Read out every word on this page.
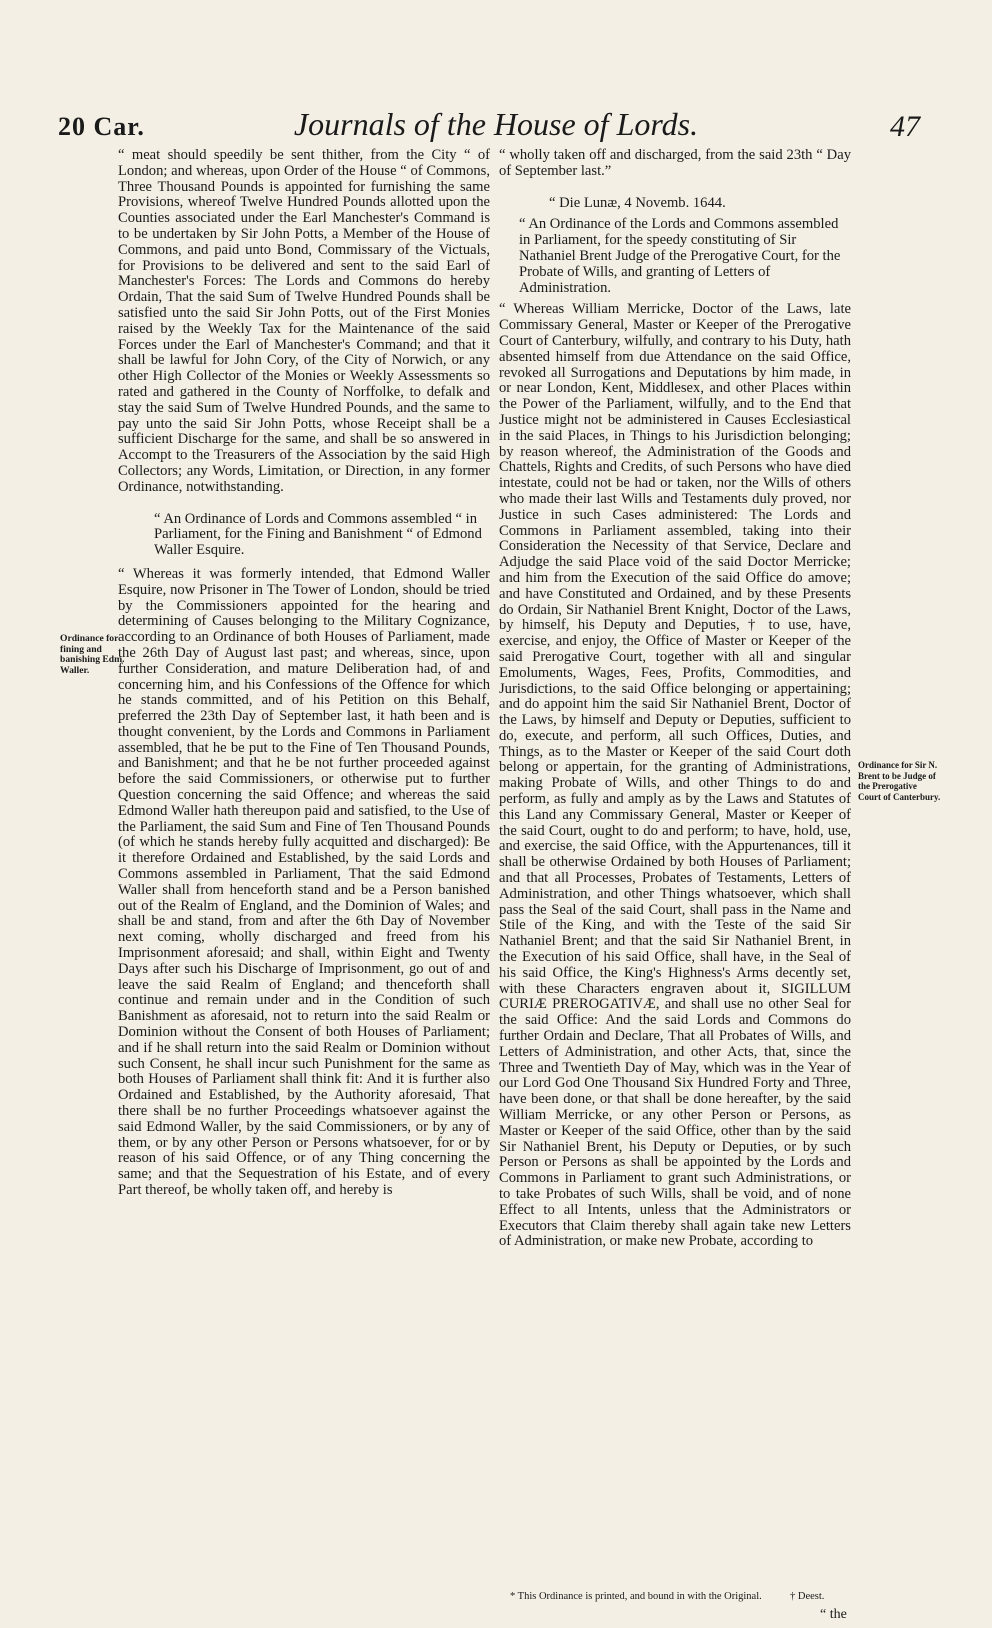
20 Car.	Journals of the House of Lords.	47

“ meat should speedily be sent thither, from the City “ of London; and whereas, upon Order of the House “ of Commons, Three Thousand Pounds is appointed for furnishing the same Provisions, whereof Twelve Hundred Pounds allotted upon the Counties associated under the Earl Manchester's Command is to be undertaken by Sir John Potts, a Member of the House of Commons, and paid unto Bond, Commissary of the Victuals, for Provisions to be delivered and sent to the said Earl of Manchester's Forces: The Lords and Commons do hereby Ordain, That the said Sum of Twelve Hundred Pounds shall be satisfied unto the said Sir John Potts, out of the First Monies raised by the Weekly Tax for the Maintenance of the said Forces under the Earl of Manchester's Command; and that it shall be lawful for John Cory, of the City of Norwich, or any other High Collector of the Monies or Weekly Assessments so rated and gathered in the County of Norffolke, to defalk and stay the said Sum of Twelve Hundred Pounds, and the same to pay unto the said Sir John Potts, whose Receipt shall be a sufficient Discharge for the same, and shall be so answered in Accompt to the Treasurers of the Association by the said High Collectors; any Words, Limitation, or Direction, in any former Ordinance, notwithstanding.

“ An Ordinance of Lords and Commons assembled “ in Parliament, for the Fining and Banishment “ of Edmond Waller Esquire.

“ Whereas it was formerly intended, that Edmond Waller Esquire, now Prisoner in The Tower of London, should be tried by the Commissioners appointed for the hearing and determining of Causes belonging to the Military Cognizance, according to an Ordinance of both Houses of Parliament, made the 26th Day of August last past; and whereas, since, upon further Consideration, and mature Deliberation had, of and concerning him, and his Confessions of the Offence for which he stands committed, and of his Petition on this Behalf, preferred the 23th Day of September last, it hath been and is thought convenient, by the Lords and Commons in Parliament assembled, that he be put to the Fine of Ten Thousand Pounds, and Banishment; and that he be not further proceeded against before the said Commissioners, or otherwise put to further Question concerning the said Offence; and whereas the said Edmond Waller hath thereupon paid and satisfied, to the Use of the Parliament, the said Sum and Fine of Ten Thousand Pounds (of which he stands hereby fully acquitted and discharged): Be it therefore Ordained and Established, by the said Lords and Commons assembled in Parliament, That the said Edmond Waller shall from henceforth stand and be a Person banished out of the Realm of England, and the Dominion of Wales; and shall be and stand, from and after the 6th Day of November next coming, wholly discharged and freed from his Imprisonment aforesaid; and shall, within Eight and Twenty Days after such his Discharge of Imprisonment, go out of and leave the said Realm of England; and thenceforth shall continue and remain under and in the Condition of such Banishment as aforesaid, not to return into the said Realm or Dominion without the Consent of both Houses of Parliament; and if he shall return into the said Realm or Dominion without such Consent, he shall incur such Punishment for the same as both Houses of Parliament shall think fit: And it is further also Ordained and Established, by the Authority aforesaid, That there shall be no further Proceedings whatsoever against the said Edmond Waller, by the said Commissioners, or by any of them, or by any other Person or Persons whatsoever, for or by reason of his said Offence, or of any Thing concerning the same; and that the Sequestration of his Estate, and of every Part thereof, be wholly taken off, and hereby is

Ordinance for fining and banishing Edm. Waller.

“ wholly taken off and discharged, from the said 23th “ Day of September last.”

“ Die Lunæ, 4 Novemb. 1644.

“ An Ordinance of the Lords and Commons assembled in Parliament, for the speedy constituting of Sir Nathaniel Brent Judge of the Prerogative Court, for the Probate of Wills, and granting of Letters of Administration.

“ Whereas William Merricke, Doctor of the Laws, late Commissary General, Master or Keeper of the Prerogative Court of Canterbury, wilfully, and contrary to his Duty, hath absented himself from due Attendance on the said Office, revoked all Surrogations and Deputations by him made, in or near London, Kent, Middlesex, and other Places within the Power of the Parliament, wilfully, and to the End that Justice might not be administered in Causes Ecclesiastical in the said Places, in Things to his Jurisdiction belonging; by reason whereof, the Administration of the Goods and Chattels, Rights and Credits, of such Persons who have died intestate, could not be had or taken, nor the Wills of others who made their last Wills and Testaments duly proved, nor Justice in such Cases administered: The Lords and Commons in Parliament assembled, taking into their Consideration the Necessity of that Service, Declare and Adjudge the said Place void of the said Doctor Merricke; and him from the Execution of the said Office do amove; and have Constituted and Ordained, and by these Presents do Ordain, Sir Nathaniel Brent Knight, Doctor of the Laws, by himself, his Deputy and Deputies, † to use, have, exercise, and enjoy, the Office of Master or Keeper of the said Prerogative Court, together with all and singular Emoluments, Wages, Fees, Profits, Commodities, and Jurisdictions, to the said Office belonging or appertaining; and do appoint him the said Sir Nathaniel Brent, Doctor of the Laws, by himself and Deputy or Deputies, sufficient to do, execute, and perform, all such Offices, Duties, and Things, as to the Master or Keeper of the said Court doth belong or appertain, for the granting of Administrations, making Probate of Wills, and other Things to do and perform, as fully and amply as by the Laws and Statutes of this Land any Commissary General, Master or Keeper of the said Court, ought to do and perform; to have, hold, use, and exercise, the said Office, with the Appurtenances, till it shall be otherwise Ordained by both Houses of Parliament; and that all Processes, Probates of Testaments, Letters of Administration, and other Things whatsoever, which shall pass the Seal of the said Court, shall pass in the Name and Stile of the King, and with the Teste of the said Sir Nathaniel Brent; and that the said Sir Nathaniel Brent, in the Execution of his said Office, shall have, in the Seal of his said Office, the King's Highness's Arms decently set, with these Characters engraven about it, SIGILLUM CURIÆ PREROGATIVÆ, and shall use no other Seal for the said Office: And the said Lords and Commons do further Ordain and Declare, That all Probates of Wills, and Letters of Administration, and other Acts, that, since the Three and Twentieth Day of May, which was in the Year of our Lord God One Thousand Six Hundred Forty and Three, have been done, or that shall be done hereafter, by the said William Merricke, or any other Person or Persons, as Master or Keeper of the said Office, other than by the said Sir Nathaniel Brent, his Deputy or Deputies, or by such Person or Persons as shall be appointed by the Lords and Commons in Parliament to grant such Administrations, or to take Probates of such Wills, shall be void, and of none Effect to all Intents, unless that the Administrators or Executors that Claim thereby shall again take new Letters of Administration, or make new Probate, according to

Ordinance for Sir N. Brent to be Judge of the Prerogative Court of Canterbury.
* This Ordinance is printed, and bound in with the Original.	† Deest.
“ the
